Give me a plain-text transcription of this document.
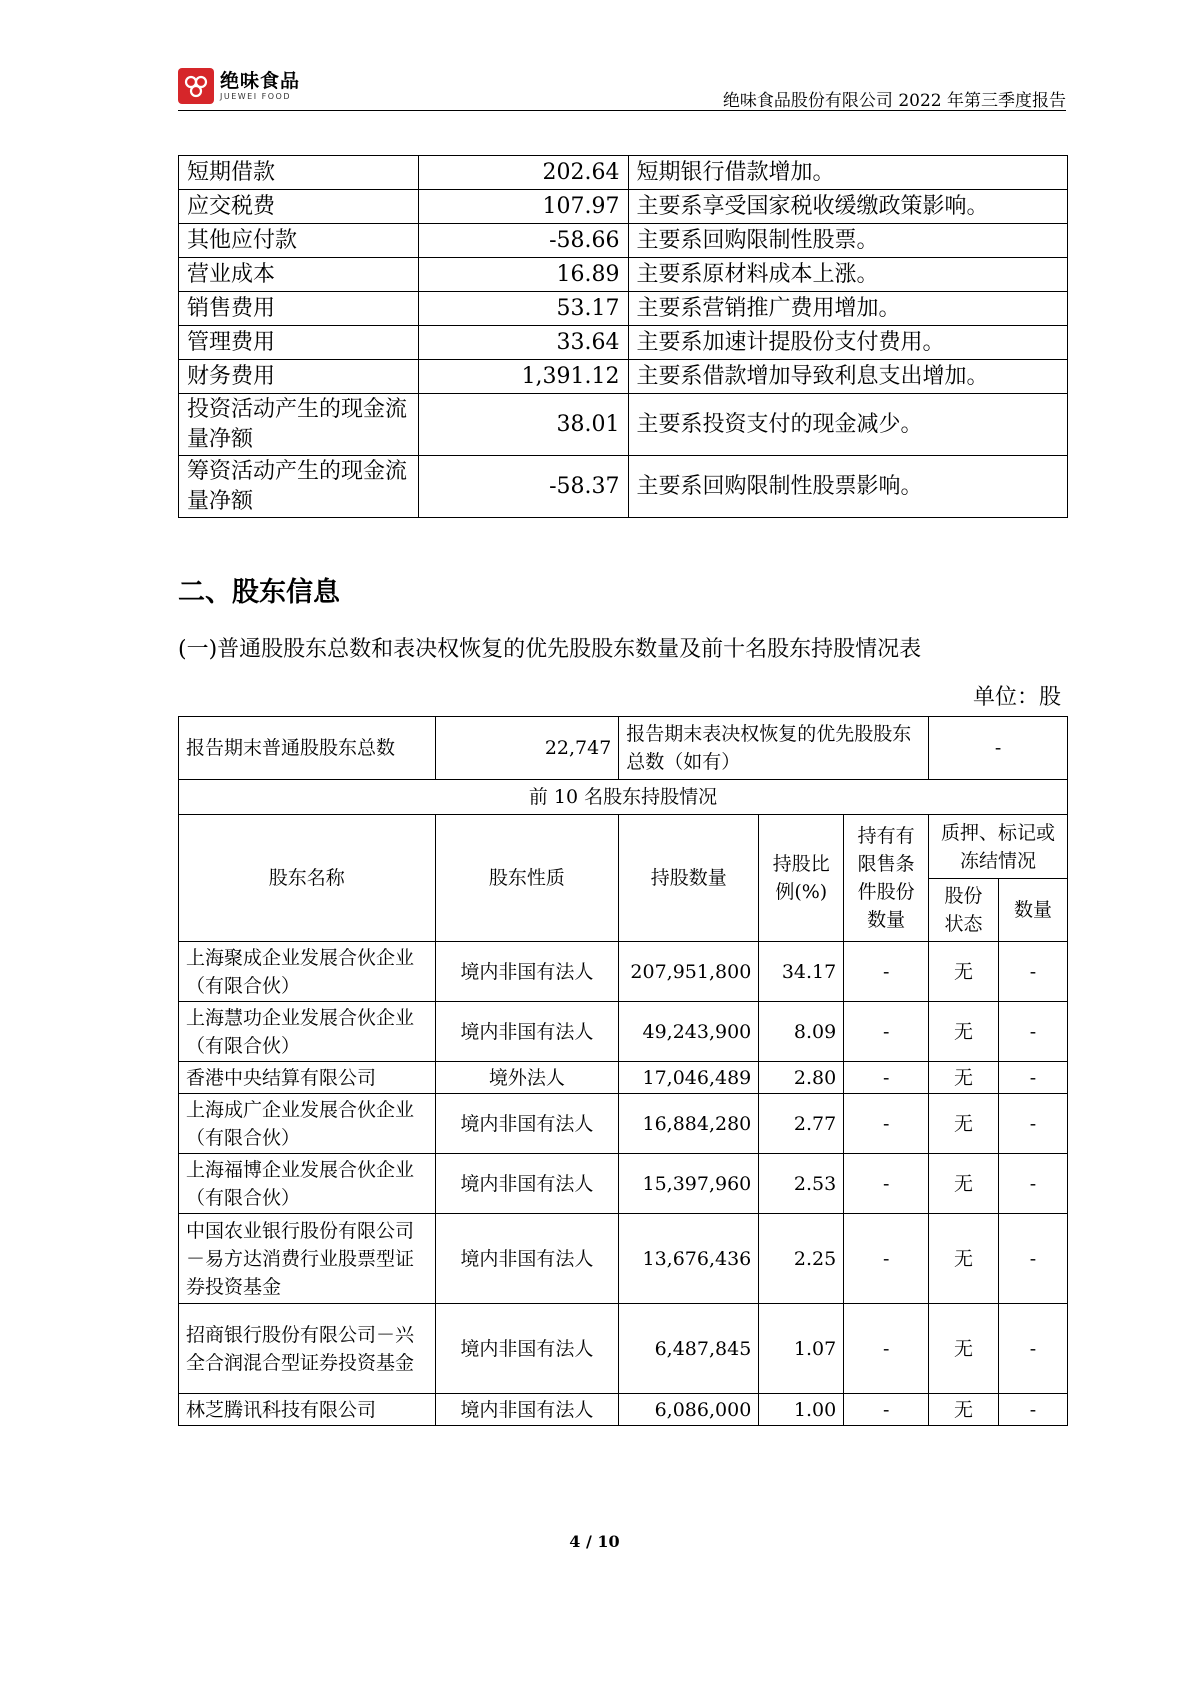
绝味食品
JUEWEI FOOD	绝味食品股份有限公司 2022 年第三季度报告
短期借款	202.64	短期银行借款增加。
应交税费	107.97	主要系享受国家税收缓缴政策影响。
其他应付款	-58.66	主要系回购限制性股票。
营业成本	16.89	主要系原材料成本上涨。
销售费用	53.17	主要系营销推广费用增加。
管理费用	33.64	主要系加速计提股份支付费用。
财务费用	1,391.12	主要系借款增加导致利息支出增加。
投资活动产生的现金流量净额	38.01	主要系投资支付的现金减少。
筹资活动产生的现金流量净额	-58.37	主要系回购限制性股票影响。
二、股东信息
(一)普通股股东总数和表决权恢复的优先股股东数量及前十名股东持股情况表
单位：股
报告期末普通股股东总数	22,747	报告期末表决权恢复的优先股股东总数（如有）			-	
前 10 名股东持股情况						
股东名称	股东性质	持股数量	持股比例(%)	持有有限售条件股份数量	质押、标记或冻结情况	
					股份状态	数量
上海聚成企业发展合伙企业（有限合伙）	境内非国有法人	207,951,800	34.17	-	无	-
上海慧功企业发展合伙企业（有限合伙）	境内非国有法人	49,243,900	8.09	-	无	-
香港中央结算有限公司	境外法人	17,046,489	2.80	-	无	-
上海成广企业发展合伙企业（有限合伙）	境内非国有法人	16,884,280	2.77	-	无	-
上海福博企业发展合伙企业（有限合伙）	境内非国有法人	15,397,960	2.53	-	无	-
中国农业银行股份有限公司－易方达消费行业股票型证券投资基金	境内非国有法人	13,676,436	2.25	-	无	-
招商银行股份有限公司－兴全合润混合型证券投资基金	境内非国有法人	6,487,845	1.07	-	无	-
林芝腾讯科技有限公司	境内非国有法人	6,086,000	1.00	-	无	-
4 / 10
